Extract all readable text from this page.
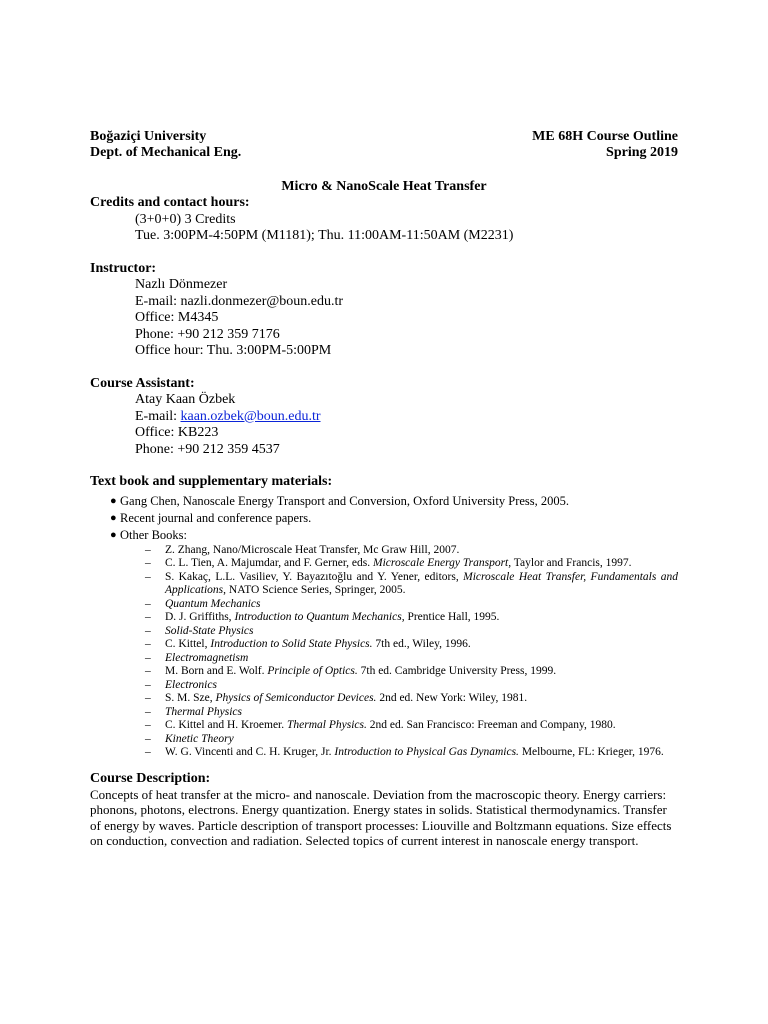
Boğaziçi University	ME 68H Course Outline
Dept. of Mechanical Eng.	Spring 2019
Micro & NanoScale Heat Transfer
Credits and contact hours:
(3+0+0) 3 Credits
Tue. 3:00PM-4:50PM (M1181); Thu. 11:00AM-11:50AM (M2231)
Instructor:
Nazlı Dönmezer
E-mail: nazli.donmezer@boun.edu.tr
Office: M4345
Phone: +90 212 359 7176
Office hour: Thu. 3:00PM-5:00PM
Course Assistant:
Atay Kaan Özbek
E-mail: kaan.ozbek@boun.edu.tr
Office: KB223
Phone: +90 212 359 4537
Text book and supplementary materials:
● Gang Chen, Nanoscale Energy Transport and Conversion, Oxford University Press, 2005.
● Recent journal and conference papers.
● Other Books:
– Z. Zhang, Nano/Microscale Heat Transfer, Mc Graw Hill, 2007.
– C. L. Tien, A. Majumdar, and F. Gerner, eds. Microscale Energy Transport, Taylor and Francis, 1997.
– S. Kakaç, L.L. Vasiliev, Y. Bayazıtoğlu and Y. Yener, editors, Microscale Heat Transfer, Fundamentals and Applications, NATO Science Series, Springer, 2005.
– Quantum Mechanics
– D. J. Griffiths, Introduction to Quantum Mechanics, Prentice Hall, 1995.
– Solid-State Physics
– C. Kittel, Introduction to Solid State Physics. 7th ed., Wiley, 1996.
– Electromagnetism
– M. Born and E. Wolf. Principle of Optics. 7th ed. Cambridge University Press, 1999.
– Electronics
– S. M. Sze, Physics of Semiconductor Devices. 2nd ed. New York: Wiley, 1981.
– Thermal Physics
– C. Kittel and H. Kroemer. Thermal Physics. 2nd ed. San Francisco: Freeman and Company, 1980.
– Kinetic Theory
– W. G. Vincenti and C. H. Kruger, Jr. Introduction to Physical Gas Dynamics. Melbourne, FL: Krieger, 1976.
Course Description:
Concepts of heat transfer at the micro- and nanoscale. Deviation from the macroscopic theory. Energy carriers: phonons, photons, electrons. Energy quantization. Energy states in solids. Statistical thermodynamics. Transfer of energy by waves. Particle description of transport processes: Liouville and Boltzmann equations. Size effects on conduction, convection and radiation. Selected topics of current interest in nanoscale energy transport.
